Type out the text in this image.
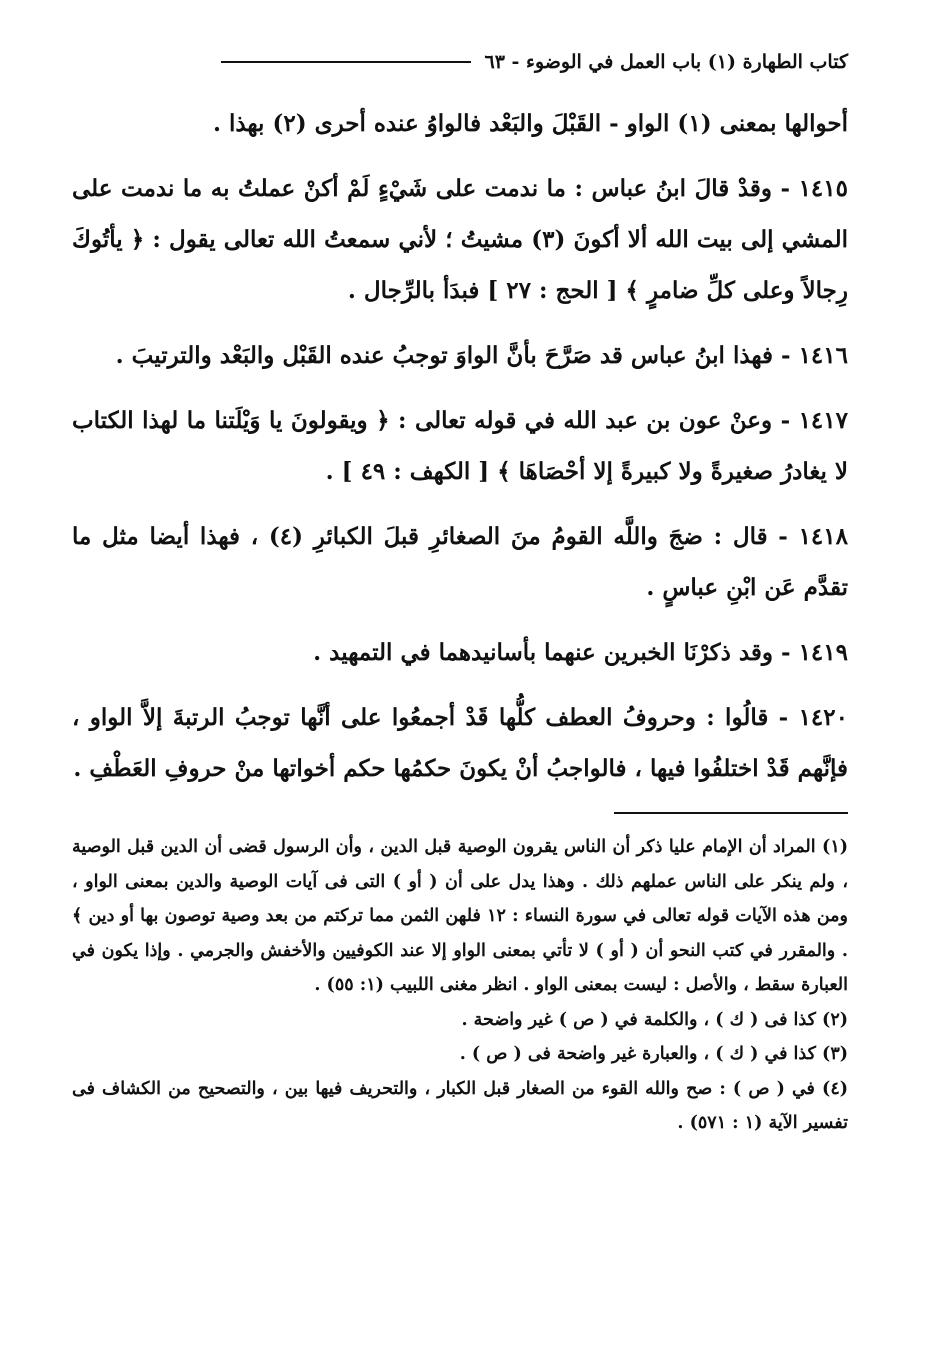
كتاب الطهارة (١) باب العمل في الوضوء - ٦٣

أحوالها بمعنى (١) الواو - القَبْلَ والبَعْد فالواوُ عنده أحرى (٢) بهذا .

١٤١٥ - وقدْ قالَ ابنُ عباس : ما ندمت على شَيْءٍ لَمْ أكنْ عملتُ به ما ندمت على المشي إلى بيت الله ألا أكونَ (٣) مشيتُ ؛ لأني سمعتُ الله تعالى يقول : ﴿ يأتُوكَ رِجالاً وعلى كلِّ ضامرٍ ﴾ [ الحج : ٢٧ ] فبدَأ بالرِّجال .

١٤١٦ - فهذا ابنُ عباس قد صَرَّحَ بأنَّ الواوَ توجبُ عنده القَبْل والبَعْد والترتيبَ .

١٤١٧ - وعنْ عون بن عبد الله في قوله تعالى : ﴿ ويقولونَ يا وَيْلَتنا ما لهذا الكتاب لا يغادرُ صغيرةً ولا كبيرةً إلا أحْصَاهَا ﴾ [ الكهف : ٤٩ ] .

١٤١٨ - قال : ضجَ واللَّه القومُ منَ الصغائرِ قبلَ الكبائرِ (٤) ، فهذا أيضا مثل ما تقدَّم عَن ابْنِ عباسٍ .

١٤١٩ - وقد ذكرْنَا الخبرين عنهما بأسانيدهما في التمهيد .

١٤٢٠ - قالُوا : وحروفُ العطف كلُّها قَدْ أجمعُوا على أنَّها توجبُ الرتبةَ إلاَّ الواو ، فإنَّهم قَدْ اختلفُوا فيها ، فالواجبُ أنْ يكونَ حكمُها حكم أخواتها منْ حروفِ العَطْفِ .

(١) المراد أن الإمام عليا ذكر أن الناس يقرون الوصية قبل الدين ، وأن الرسول قضى أن الدين قبل الوصية ، ولم ينكر على الناس عملهم ذلك . وهذا يدل على أن ( أو ) التى فى آيات الوصية والدين بمعنى الواو ، ومن هذه الآيات قوله تعالى في سورة النساء : ١٢ فلهن الثمن مما تركتم من بعد وصية توصون بها أو دين ﴾ . والمقرر في كتب النحو أن ( أو ) لا تأتي بمعنى الواو إلا عند الكوفيين والأخفش والجرمي . وإذا يكون في العبارة سقط ، والأصل : ليست بمعنى الواو . انظر مغنى اللبيب (١: ٥٥) .

(٢) كذا فى ( ك ) ، والكلمة في ( ص ) غير واضحة .

(٣) كذا في ( ك ) ، والعبارة غير واضحة فى ( ص ) .

(٤) في ( ص ) : صح والله القوء من الصغار قبل الكبار ، والتحريف فيها بين ، والتصحيح من الكشاف فى تفسير الآية (١ : ٥٧١) .
